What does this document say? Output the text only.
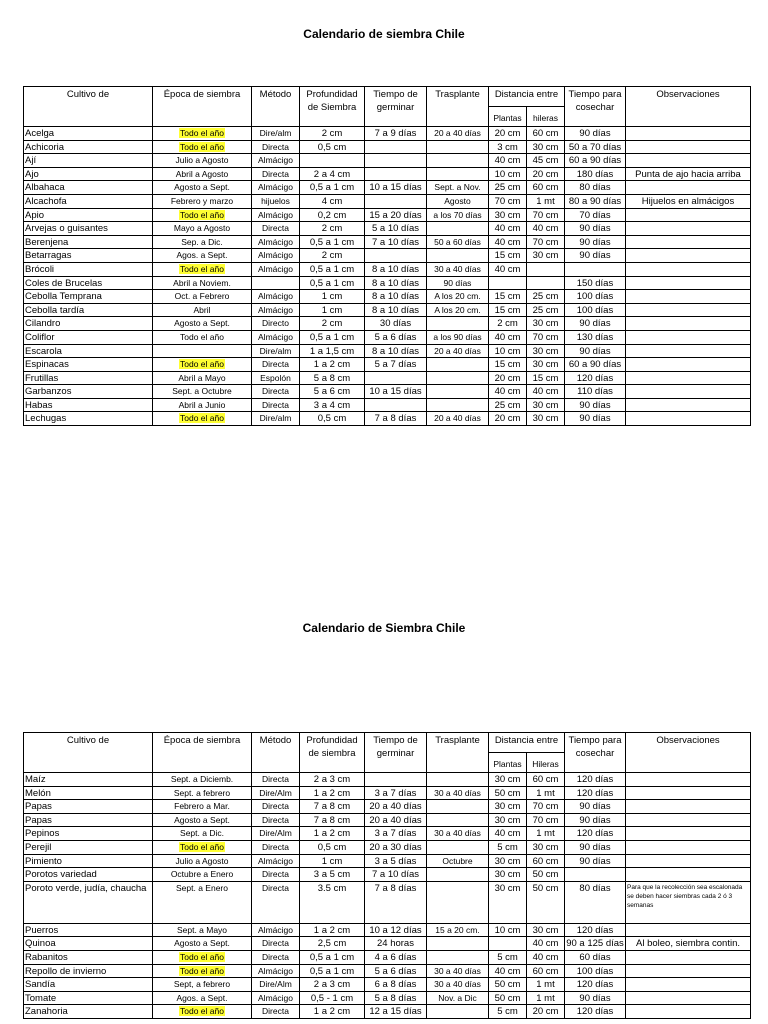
Calendario de siembra Chile
Cultivo de	Época de siembra	Método	Profundidad de Siembra	Tiempo de germinar	Trasplante	Distancia entre		Tiempo para cosechar	Observaciones
						Plantas	hileras		
Acelga	Todo el año	Dire/alm	2 cm	7 a 9 días	20 a 40 días	20 cm	60 cm	90 días	
Achicoria	Todo el año	Directa	0,5 cm			3 cm	30 cm	50 a 70 días	
Ají	Julio a Agosto	Almácigo				40 cm	45 cm	60 a 90 días	
Ajo	Abril a Agosto	Directa	2 a 4 cm			10 cm	20 cm	180 días	Punta de ajo hacia arriba
Albahaca	Agosto a Sept.	Almácigo	0,5 a 1 cm	10 a 15 días	Sept. a Nov.	25 cm	60 cm	80 días	
Alcachofa	Febrero y marzo	hijuelos	4 cm		Agosto	70 cm	1 mt	80 a 90 días	Hijuelos en almácigos
Apio	Todo el año	Almácigo	0,2 cm	15 a 20 días	a los 70 días	30 cm	70 cm	70 días	
Arvejas o guisantes	Mayo a Agosto	Directa	2 cm	5 a 10 días		40 cm	40 cm	90 días	
Berenjena	Sep. a Dic.	Almácigo	0,5 a 1 cm	7 a 10 días	50 a 60 días	40 cm	70 cm	90 días	
Betarragas	Agos. a Sept.	Almácigo	2 cm			15 cm	30 cm	90 días	
Brócoli	Todo el año	Almácigo	0,5 a 1 cm	8 a 10 días	30 a 40 días	40 cm			
Coles de Brucelas	Abril a Noviem.		0,5 a 1 cm	8 a 10 días	90 días			150 días	
Cebolla Temprana	Oct. a Febrero	Almácigo	1 cm	8 a 10 días	A los 20 cm.	15 cm	25 cm	100 días	
Cebolla tardía	Abril	Almácigo	1 cm	8 a 10 días	A los 20 cm.	15 cm	25 cm	100 días	
Cilandro	Agosto a Sept.	Directo	2 cm	30 días		2 cm	30 cm	90 días	
Coliflor	Todo el año	Almácigo	0,5 a 1 cm	5 a 6 días	a los 90 días	40 cm	70 cm	130 días	
Escarola		Dire/alm	1 a 1,5 cm	8 a 10 días	20 a 40 días	10 cm	30 cm	90 días	
Espinacas	Todo el año	Directa	1 a 2 cm	5 a 7 días		15 cm	30 cm	60 a 90 días	
Frutillas	Abril a Mayo	Espolón	5 a 8 cm			20 cm	15 cm	120 días	
Garbanzos	Sept. a Octubre	Directa	5 a 6 cm	10 a 15 días		40 cm	40 cm	110 días	
Habas	Abril a Junio	Directa	3 a 4 cm			25 cm	30 cm	90 días	
Lechugas	Todo el año	Dire/alm	0,5 cm	7 a 8 días	20 a 40 días	20 cm	30 cm	90 días	
Calendario de Siembra Chile
Cultivo de	Época de siembra	Método	Profundidad de siembra	Tiempo de germinar	Trasplante	Distancia entre		Tiempo para cosechar	Observaciones
						Plantas	Hileras		
Maíz	Sept. a Diciemb.	Directa	2 a 3 cm			30 cm	60 cm	120 días	
Melón	Sept. a febrero	Dire/Alm	1 a 2 cm	3 a 7 días	30 a 40 días	50 cm	1 mt	120 días	
Papas	Febrero a Mar.	Directa	7 a 8 cm	20 a 40 días		30 cm	70 cm	90 días	
Papas	Agosto a Sept.	Directa	7 a 8 cm	20 a 40 días		30 cm	70 cm	90 días	
Pepinos	Sept. a Dic.	Dire/Alm	1 a 2 cm	3 a 7 días	30 a 40 días	40 cm	1 mt	120 días	
Perejil	Todo el año	Directa	0,5 cm	20 a 30 días		5 cm	30 cm	90 días	
Pimiento	Julio a Agosto	Almácigo	1 cm	3 a 5 días	Octubre	30 cm	60 cm	90 días	
Porotos variedad	Octubre a Enero	Directa	3 a 5 cm	7 a 10 días		30 cm	50 cm		
Poroto verde, judía, chaucha	Sept. a Enero	Directa	3.5 cm	7 a 8 días		30 cm	50 cm	80 días	Para que la recolección sea escalonada se deben hacer siembras cada 2 ó 3 semanas
Puerros	Sept. a Mayo	Almácigo	1 a 2 cm	10 a 12 días	15 a 20 cm.	10 cm	30 cm	120 días	
Quinoa	Agosto a Sept.	Directa	2,5 cm	24 horas			40 cm	90 a 125 días	Al boleo, siembra contin.
Rabanitos	Todo el año	Directa	0,5 a 1 cm	4 a 6 días		5 cm	40 cm	60 días	
Repollo de invierno	Todo el año	Almácigo	0,5 a 1 cm	5 a 6 días	30 a 40 días	40 cm	60 cm	100 días	
Sandía	Sept, a febrero	Dire/Alm	2 a 3 cm	6 a 8 días	30 a 40 días	50 cm	1 mt	120 días	
Tomate	Agos. a Sept.	Almácigo	0,5 - 1 cm	5 a 8 días	Nov. a Dic	50 cm	1 mt	90 días	
Zanahoria	Todo el año	Directa	1 a 2 cm	12 a 15 días		5 cm	20 cm	120 días	
